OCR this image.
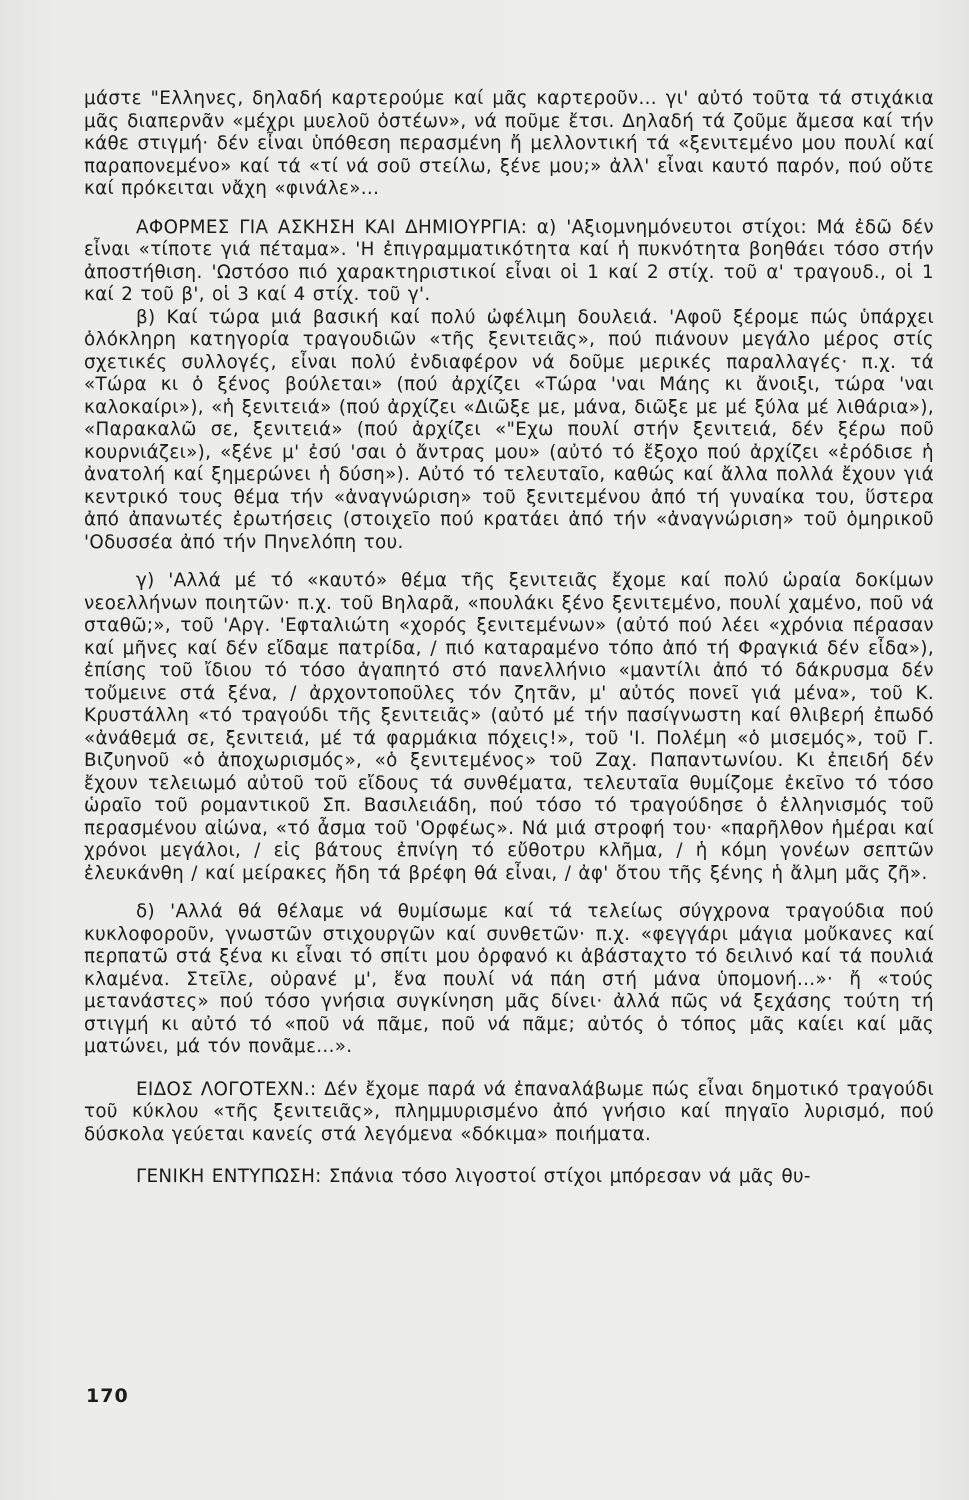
μάστε "Ελληνες, δηλαδή καρτερούμε καί μᾶς καρτεροῦν... γι' αὐτό τοῦτα τά στιχάκια μᾶς διαπερνᾶν «μέχρι μυελοῦ ὀστέων», νά ποῦμε ἔτσι. Δηλαδή τά ζοῦμε ἄμεσα καί τήν κάθε στιγμή· δέν εἶναι ὑπόθεση περασμένη ἤ μελλοντική τά «ξενιτεμένο μου πουλί καί παραπονεμένο» καί τά «τί νά σοῦ στείλω, ξένε μου;» ἀλλ' εἶναι καυτό παρόν, πού οὔτε καί πρόκειται νἄχη «φινάλε»...

ΑΦΟΡΜΕΣ ΓΙΑ ΑΣΚΗΣΗ ΚΑΙ ΔΗΜΙΟΥΡΓΙΑ: α) 'Αξιομνημόνευτοι στίχοι: Μά ἐδῶ δέν εἶναι «τίποτε γιά πέταμα». 'Η ἐπιγραμματικότητα καί ἡ πυκνότητα βοηθάει τόσο στήν ἀποστήθιση. 'Ωστόσο πιό χαρακτηριστικοί εἶναι οἱ 1 καί 2 στίχ. τοῦ α' τραγουδ., οἱ 1 καί 2 τοῦ β', οἱ 3 καί 4 στίχ. τοῦ γ'.

β) Καί τώρα μιά βασική καί πολύ ὠφέλιμη δουλειά. 'Αφοῦ ξέρομε πώς ὑπάρχει ὁλόκληρη κατηγορία τραγουδιῶν «τῆς ξενιτειᾶς», πού πιάνουν μεγάλο μέρος στίς σχετικές συλλογές, εἶναι πολύ ἐνδιαφέρον νά δοῦμε μερικές παραλλαγές· π.χ. τά «Τώρα κι ὁ ξένος βούλεται» (πού ἀρχίζει «Τώρα 'ναι Μάης κι ἄνοιξι, τώρα 'ναι καλοκαίρι»), «ἡ ξενιτειά» (πού ἀρχίζει «Διῶξε με, μάνα, διῶξε με μέ ξύλα μέ λιθάρια»), «Παρακαλῶ σε, ξενιτειά» (πού ἀρχίζει «"Εχω πουλί στήν ξενιτειά, δέν ξέρω ποῦ κουρνιάζει»), «ξένε μ' ἐσύ 'σαι ὁ ἄντρας μου» (αὐτό τό ἔξοχο πού ἀρχίζει «ἐρόδισε ἡ ἀνατολή καί ξημερώνει ἡ δύση»). Αὐτό τό τελευταῖο, καθώς καί ἄλλα πολλά ἔχουν γιά κεντρικό τους θέμα τήν «ἀναγνώριση» τοῦ ξενιτεμένου ἀπό τή γυναίκα του, ὕστερα ἀπό ἀπανωτές ἐρωτήσεις (στοιχεῖο πού κρατάει ἀπό τήν «ἀναγνώριση» τοῦ ὁμηρικοῦ 'Οδυσσέα ἀπό τήν Πηνελόπη του.

γ) 'Αλλά μέ τό «καυτό» θέμα τῆς ξενιτειᾶς ἔχομε καί πολύ ὡραία δοκίμων νεοελλήνων ποιητῶν· π.χ. τοῦ Βηλαρᾶ, «πουλάκι ξένο ξενιτεμένο, πουλί χαμένο, ποῦ νά σταθῶ;», τοῦ 'Αργ. 'Εφταλιώτη «χορός ξενιτεμένων» (αὐτό πού λέει «χρόνια πέρασαν καί μῆνες καί δέν εἴδαμε πατρίδα, / πιό καταραμένο τόπο ἀπό τή Φραγκιά δέν εἶδα»), ἐπίσης τοῦ ἴδιου τό τόσο ἀγαπητό στό πανελλήνιο «μαντίλι ἀπό τό δάκρυσμα δέν τοὔμεινε στά ξένα, / ἀρχοντοποῦλες τόν ζητᾶν, μ' αὐτός πονεῖ γιά μένα», τοῦ Κ. Κρυστάλλη «τό τραγούδι τῆς ξενιτειᾶς» (αὐτό μέ τήν πασίγνωστη καί θλιβερή ἐπωδό «ἀνάθεμά σε, ξενιτειά, μέ τά φαρμάκια πόχεις!», τοῦ 'Ι. Πολέμη «ὁ μισεμός», τοῦ Γ. Βιζυηνοῦ «ὁ ἀποχωρισμός», «ὁ ξενιτεμένος» τοῦ Ζαχ. Παπαντωνίου. Κι ἐπειδή δέν ἔχουν τελειωμό αὐτοῦ τοῦ εἴδους τά συνθέματα, τελευταῖα θυμίζομε ἐκεῖνο τό τόσο ὡραῖο τοῦ ρομαντικοῦ Σπ. Βασιλειάδη, πού τόσο τό τραγούδησε ὁ ἑλληνισμός τοῦ περασμένου αἰώνα, «τό ἆσμα τοῦ 'Ορφέως». Νά μιά στροφή του· «παρῆλθον ἡμέραι καί χρόνοι μεγάλοι, / εἰς βάτους ἐπνίγη τό εὔθοτρυ κλῆμα, / ἡ κόμη γονέων σεπτῶν ἐλευκάνθη / καί μείρακες ἤδη τά βρέφη θά εἶναι, / ἀφ' ὅτου τῆς ξένης ἡ ἄλμη μᾶς ζῆ».

δ) 'Αλλά θά θέλαμε νά θυμίσωμε καί τά τελείως σύγχρονα τραγούδια πού κυκλοφοροῦν, γνωστῶν στιχουργῶν καί συνθετῶν· π.χ. «φεγγάρι μάγια μοὔκανες καί περπατῶ στά ξένα κι εἶναι τό σπίτι μου ὀρφανό κι ἀβάσταχτο τό δειλινό καί τά πουλιά κλαμένα. Στεῖλε, οὐρανέ μ', ἕνα πουλί νά πάη στή μάνα ὑπομονή...»· ἤ «τούς μετανάστες» πού τόσο γνήσια συγκίνηση μᾶς δίνει· ἀλλά πῶς νά ξεχάσης τούτη τή στιγμή κι αὐτό τό «ποῦ νά πᾶμε, ποῦ νά πᾶμε; αὐτός ὁ τόπος μᾶς καίει καί μᾶς ματώνει, μά τόν πονᾶμε...».

ΕΙΔΟΣ ΛΟΓΟΤΕΧΝ.: Δέν ἔχομε παρά νά ἐπαναλάβωμε πώς εἶναι δημοτικό τραγούδι τοῦ κύκλου «τῆς ξενιτειᾶς», πλημμυρισμένο ἀπό γνήσιο καί πηγαῖο λυρισμό, πού δύσκολα γεύεται κανείς στά λεγόμενα «δόκιμα» ποιήματα.

ΓΕΝΙΚΗ ΕΝΤΥΠΩΣΗ: Σπάνια τόσο λιγοστοί στίχοι μπόρεσαν νά μᾶς θυ-

170
